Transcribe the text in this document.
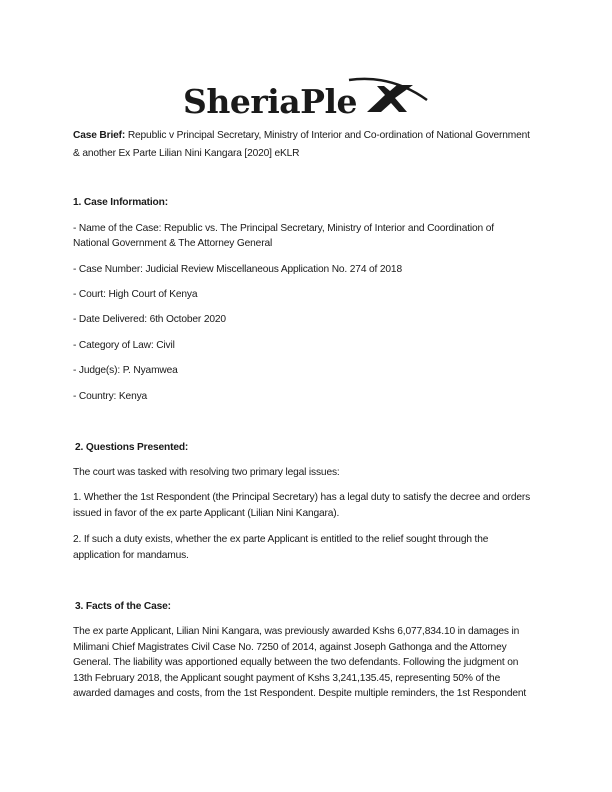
SheriaPle
Case Brief: Republic v Principal Secretary, Ministry of Interior and Co-ordination of National Government
& another Ex Parte Lilian Nini Kangara [2020] eKLR
1. Case Information:
- Name of the Case: Republic vs. The Principal Secretary, Ministry of Interior and Coordination of
National Government & The Attorney General
- Case Number: Judicial Review Miscellaneous Application No. 274 of 2018
- Court: High Court of Kenya
- Date Delivered: 6th October 2020
- Category of Law: Civil
- Judge(s): P. Nyamwea
- Country: Kenya
2. Questions Presented:
The court was tasked with resolving two primary legal issues:
1. Whether the 1st Respondent (the Principal Secretary) has a legal duty to satisfy the decree and orders
issued in favor of the ex parte Applicant (Lilian Nini Kangara).
2. If such a duty exists, whether the ex parte Applicant is entitled to the relief sought through the
application for mandamus.
3. Facts of the Case:
The ex parte Applicant, Lilian Nini Kangara, was previously awarded Kshs 6,077,834.10 in damages in
Milimani Chief Magistrates Civil Case No. 7250 of 2014, against Joseph Gathonga and the Attorney
General. The liability was apportioned equally between the two defendants. Following the judgment on
13th February 2018, the Applicant sought payment of Kshs 3,241,135.45, representing 50% of the
awarded damages and costs, from the 1st Respondent. Despite multiple reminders, the 1st Respondent
